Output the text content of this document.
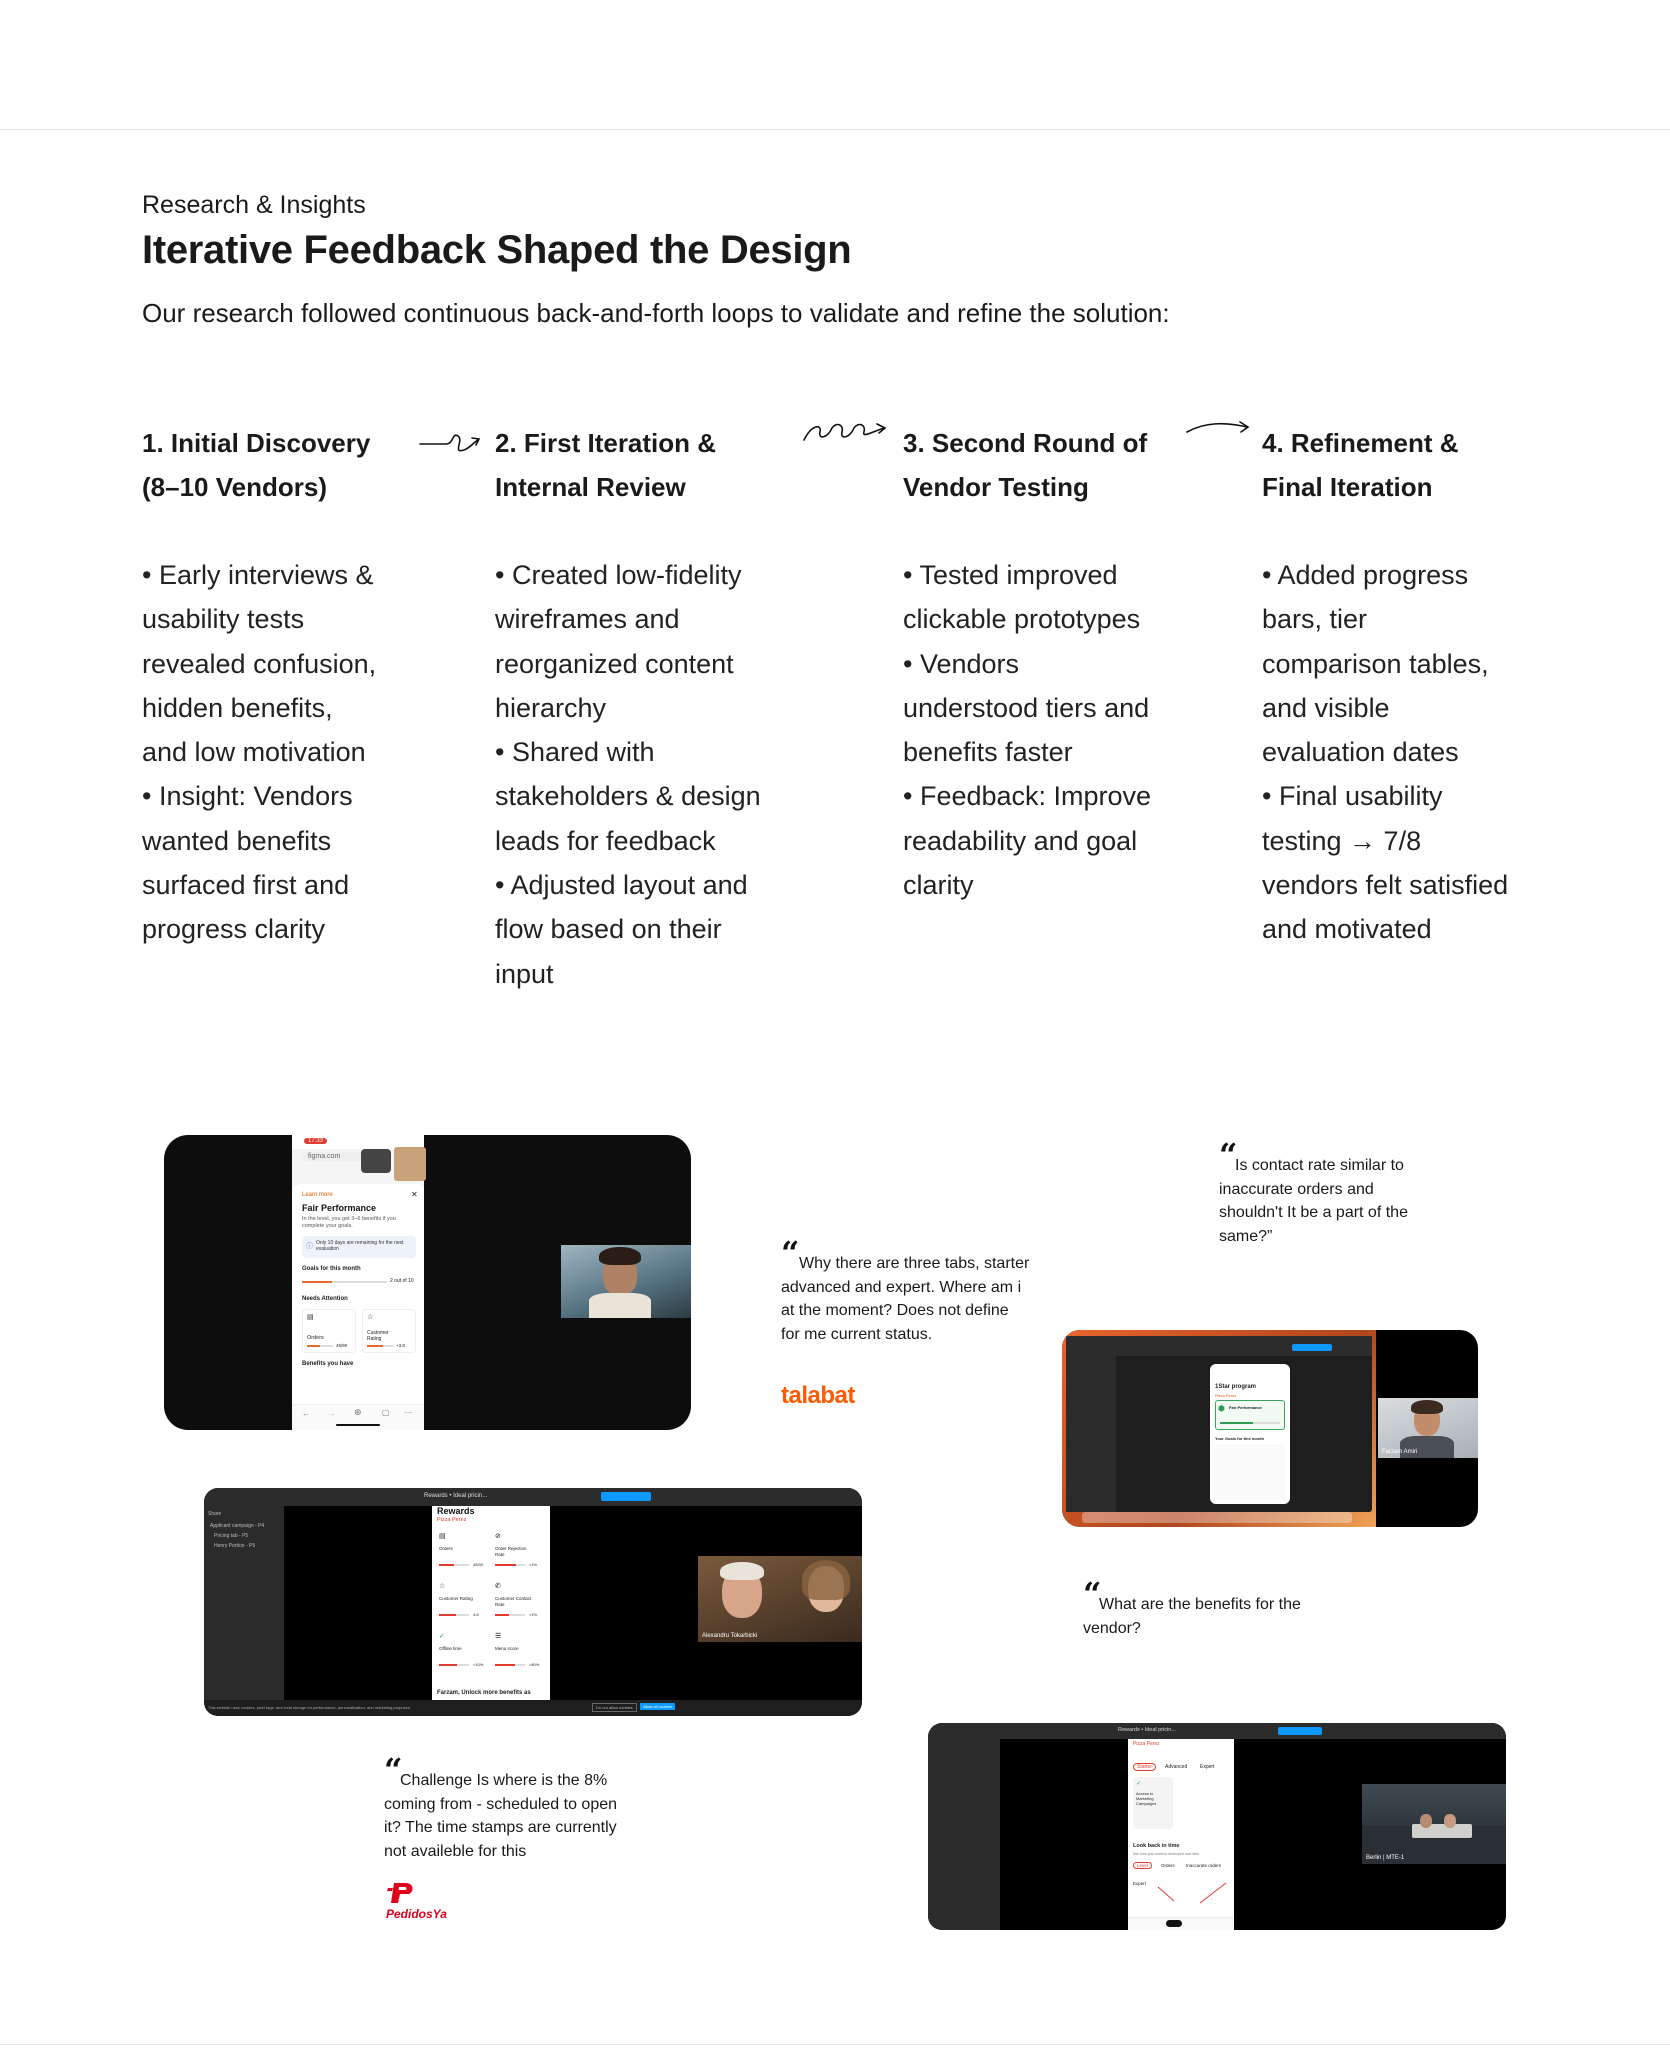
Research & Insights
Iterative Feedback Shaped the Design
Our research followed continuous back-and-forth loops to validate and refine the solution:
1. Initial Discovery
(8–10 Vendors)
• Early interviews &
usability tests
revealed confusion,
hidden benefits,
and low motivation
• Insight: Vendors
wanted benefits
surfaced first and
progress clarity
2. First Iteration &
Internal Review
• Created low-fidelity
wireframes and
reorganized content
hierarchy
• Shared with
stakeholders & design
leads for feedback
• Adjusted layout and
flow based on their
input
3. Second Round of
Vendor Testing
• Tested improved
clickable prototypes
• Vendors
understood tiers and
benefits faster
• Feedback: Improve
readability and goal
clarity
4. Refinement &
Final Iteration
• Added progress
bars, tier
comparison tables,
and visible
evaluation dates
• Final usability
testing → 7/8
vendors felt satisfied
and motivated
17:33
figma.com
Learn more	✕
Fair Performance
In the level, you get 3–6 benefits if you complete your goals.
ⓘ Only 10 days are remaining for the next evaluation
Goals for this month
2 out of 10
Needs Attention
▤
Orders
45/90
☆
Customer Rating
+3.8
Benefits you have
← → ⊕	▢ ⋯
“ Why there are three tabs, starter advanced and expert. Where am i at the moment? Does not define for me current status.
talabat
“
Is contact rate similar to inaccurate orders and shouldn't It be a part of the same?”
1Star program
Pizza Perez
⬢ Fair Performance
Your Goals for this month
Farzam Amiri
Rewards • Ideal pricin...
Share
Applicant campaign - P4
Pricing tab - P5
Henry Portion - P5
Rewards
Pizza Perez
▤
Orders
45/90
⊘
Order Rejection Rate
<1%
☆
Customer Rating
4.8
✆
Customer Contact Rate
<1%
✓
Offline time
<10%
☰
Menu score
>80%
Farzam, Unlock more benefits as
Alexandru Tokarbicki
This website uses cookies, pixel tags, and local storage for performance, personalization, and marketing purposes.	Do not allow cookies	Allow all cookies
“
What are the benefits for the vendor?
Rewards • Ideal pricin...
Pizza Perez
Starter	Advanced	Expert
✓
Access to Marketing Campaigns
Look back in time
See how your metrics developed over time
Level	Orders Inaccurate orders
Expert
Berlin | MTE-1
“
Challenge Is where is the 8% coming from - scheduled to open it? The time stamps are currently not availeble for this
PedidosYa
